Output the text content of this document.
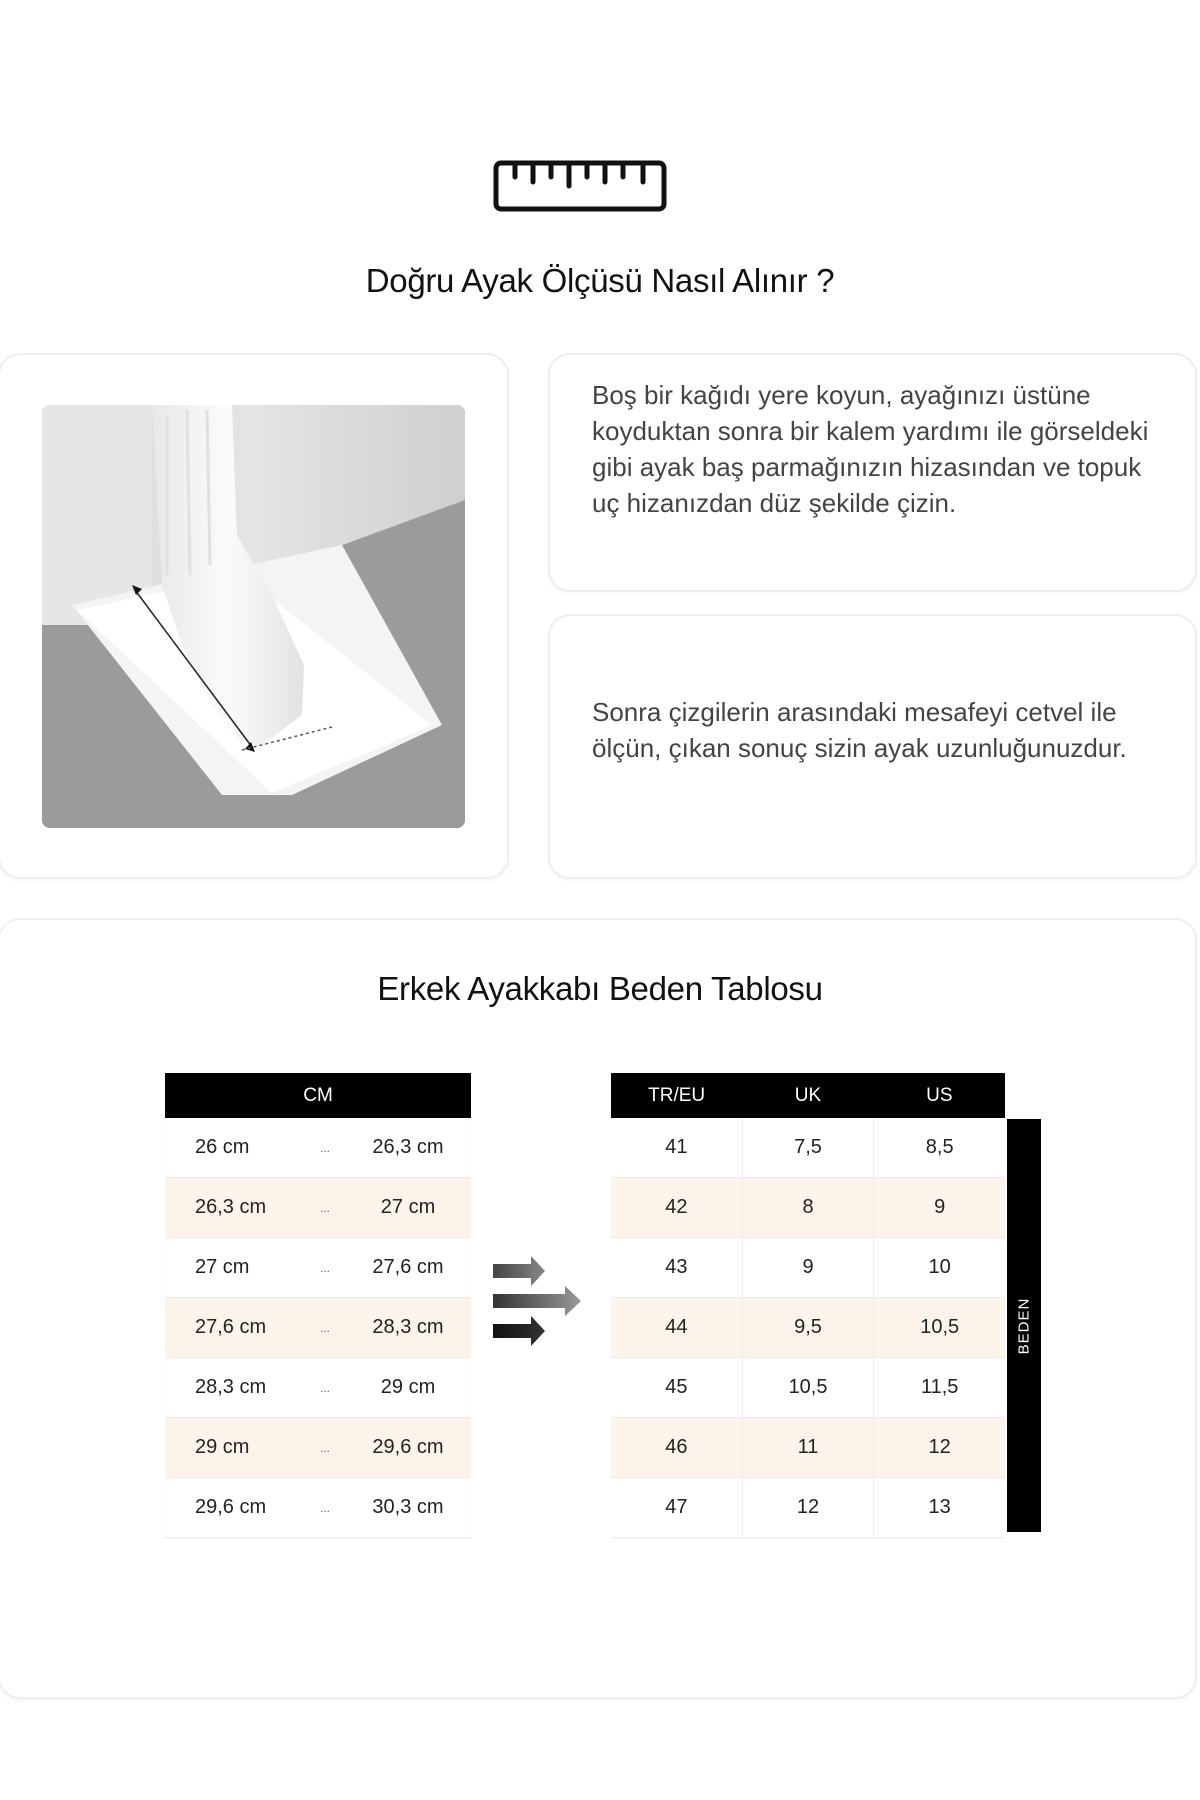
Doğru Ayak Ölçüsü Nasıl Alınır ?
Boş bir kağıdı yere koyun, ayağınızı üstüne koyduktan sonra bir kalem yardımı ile görseldeki gibi ayak baş parmağınızın hizasından ve topuk uç hizanızdan düz şekilde çizin.
Sonra çizgilerin arasındaki mesafeyi cetvel ile ölçün, çıkan sonuç sizin ayak uzunluğunuzdur.
Erkek Ayakkabı Beden Tablosu
CM
26 cm	...	26,3 cm
26,3 cm	...	27 cm
27 cm	...	27,6 cm
27,6 cm	...	28,3 cm
28,3 cm	...	29 cm
29 cm	...	29,6 cm
29,6 cm	...	30,3 cm
TR/EU	UK	US
41	7,5	8,5
42	8	9
43	9	10
44	9,5	10,5
45	10,5	11,5
46	11	12
47	12	13
BEDEN
